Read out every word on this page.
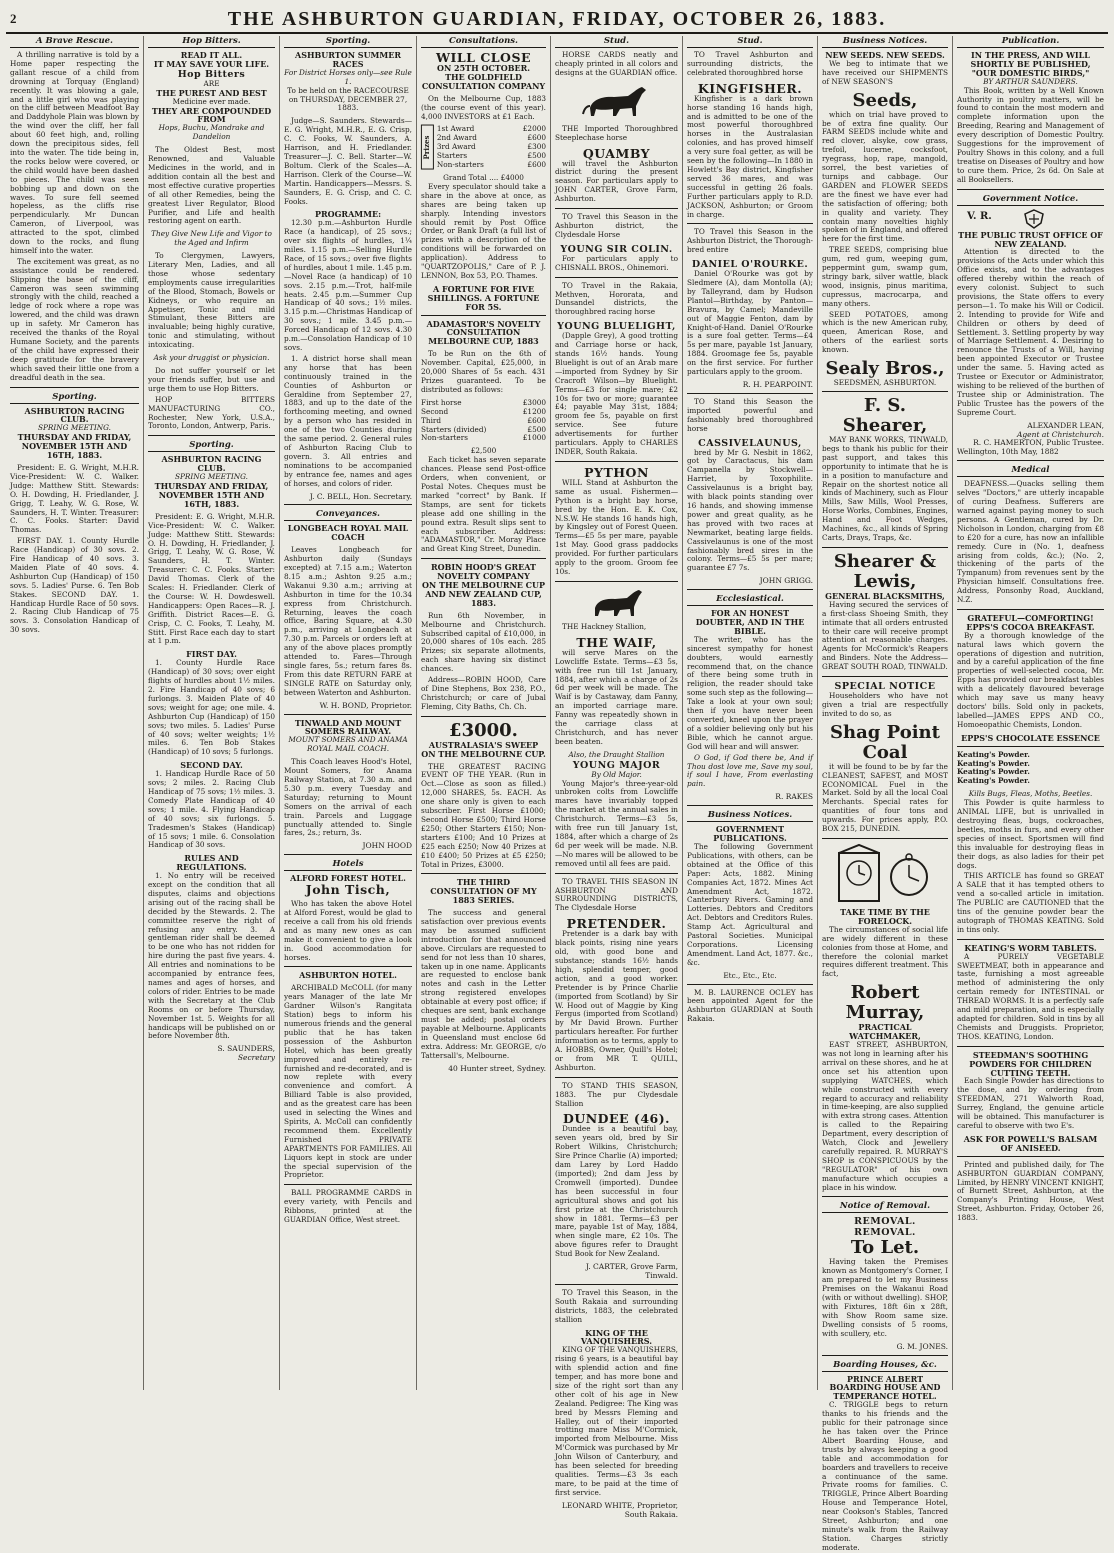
2	THE ASHBURTON GUARDIAN, FRIDAY, OCTOBER 26, 1883.
A Brave Rescue.

A thrilling narrative is told by a Home paper respecting the gallant rescue of a child from drowning at Torquay (England) recently. It was blowing a gale, and a little girl who was playing on the cliff between Meadfoot Bay and Daddyhole Plain was blown by the wind over the cliff, her fall about 60 feet high, and, rolling down the precipitous sides, fell into the water. The tide being in, the rocks below were covered, or the child would have been dashed to pieces. The child was seen bobbing up and down on the waves. To sure fell seemed hopeless, as the cliffs rise perpendicularly. Mr Duncan Cameron, of Liverpool, was attracted to the spot, climbed down to the rocks, and flung himself into the water.

The excitement was great, as no assistance could be rendered. Slipping the base of the cliff, Cameron was seen swimming strongly with the child, reached a ledge of rock where a rope was lowered, and the child was drawn up in safety. Mr Cameron has received the thanks of the Royal Humane Society, and the parents of the child have expressed their deep gratitude for the bravery which saved their little one from a dreadful death in the sea.

Sporting.
ASHBURTON RACING CLUB.
SPRING MEETING.
THURSDAY AND FRIDAY, NOVEMBER 15TH AND 16TH, 1883.

President: E. G. Wright, M.H.R. Vice-President: W. C. Walker. Judge: Matthew Stitt. Stewards: O. H. Dowding, H. Friedlander, J. Grigg, T. Leahy, W. G. Rose, W. Saunders, H. T. Winter. Treasurer: C. C. Fooks. Starter: David Thomas.

FIRST DAY. 1. County Hurdle Race (Handicap) of 30 sovs. 2. Fire Handicap of 40 sovs. 3. Maiden Plate of 40 sovs. 4. Ashburton Cup (Handicap) of 150 sovs. 5. Ladies' Purse. 6. Ten Bob Stakes. SECOND DAY. 1. Handicap Hurdle Race of 50 sovs. 2. Racing Club Handicap of 75 sovs. 3. Consolation Handicap of 30 sovs.

Hop Bitters.
READ IT ALL.
IT MAY SAVE YOUR LIFE.
Hop Bitters
ARE
THE PUREST AND BEST
Medicine ever made.
THEY ARE COMPOUNDED FROM
Hops, Buchu, Mandrake and Dandelion

The Oldest Best, most Renowned, and Valuable Medicines in the world, and in addition contain all the best and most effective curative properties of all other Remedies, being the greatest Liver Regulator, Blood Purifier, and Life and health restoring agent on earth.

They Give New Life and Vigor to the Aged and Infirm

To Clergymen, Lawyers, Literary Men, Ladies, and all those whose sedentary employments cause irregularities of the Blood, Stomach, Bowels or Kidneys, or who require an Appetiser, Tonic and mild Stimulant, these Bitters are invaluable; being highly curative, tonic and stimulating, without intoxicating.

Ask your druggist or physician.

Do not suffer yourself or let your friends suffer, but use and urge them to use Hop Bitters.

HOP BITTERS MANUFACTURING CO., Rochester, New York, U.S.A., Toronto, London, Antwerp, Paris.

Sporting.
ASHBURTON RACING CLUB.
SPRING MEETING.
THURSDAY AND FRIDAY, NOVEMBER 15TH AND 16TH, 1883.

President: E. G. Wright, M.H.R. Vice-President: W. C. Walker. Judge: Matthew Stitt. Stewards: O. H. Dowding, H. Friedlander, J. Grigg, T. Leahy, W. G. Rose, W. Saunders, H. T. Winter. Treasurer: C. C. Fooks. Starter: David Thomas. Clerk of the Scales: H. Friedlander. Clerk of the Course: W. H. Dowdeswell. Handicappers: Open Races—R. J. Griffith. District Races—E. G. Crisp, C. C. Fooks, T. Leahy, M. Stitt. First Race each day to start at 1 p.m.

FIRST DAY.

1. County Hurdle Race (Handicap) of 30 sovs; over eight flights of hurdles about 1½ miles. 2. Fire Handicap of 40 sovs; 6 furlongs. 3. Maiden Plate of 40 sovs; weight for age; one mile. 4. Ashburton Cup (Handicap) of 150 sovs; two miles. 5. Ladies' Purse of 40 sovs; welter weights; 1½ miles. 6. Ten Bob Stakes (Handicap) of 10 sovs; 5 furlongs.

SECOND DAY.

1. Handicap Hurdle Race of 50 sovs; 2 miles. 2. Racing Club Handicap of 75 sovs; 1½ miles. 3. Comedy Plate Handicap of 40 sovs; 1 mile. 4. Flying Handicap of 40 sovs; six furlongs. 5. Tradesmen's Stakes (Handicap) of 15 sovs; 1 mile. 6. Consolation Handicap of 30 sovs.

RULES AND REGULATIONS.

1. No entry will be received except on the condition that all disputes, claims and objections arising out of the racing shall be decided by the Stewards. 2. The committee reserve the right of refusing any entry. 3. A gentleman rider shall be deemed to be one who has not ridden for hire during the past five years. 4. All entries and nominations to be accompanied by entrance fees, names and ages of horses, and colors of rider. Entries to be made with the Secretary at the Club Rooms on or before Thursday, November 1st. 5. Weights for all handicaps will be published on or before November 8th.

S. SAUNDERS,
Secretary
Sporting.
ASHBURTON SUMMER RACES
For District Horses only—see Rule 1.
To be held on the RACECOURSE on THURSDAY, DECEMBER 27, 1883.

Judge—S. Saunders. Stewards—E. G. Wright, M.H.R., E. G. Crisp, C. C. Fooks, W. Saunders, A. Harrison, and H. Friedlander. Treasurer—J. C. Bell. Starter—W. Boltum. Clerk of the Scales—A. Harrison. Clerk of the Course—W. Martin. Handicappers—Messrs. S. Saunders, E. G. Crisp, and C. C. Fooks.

PROGRAMME:

12.30 p.m.—Ashburton Hurdle Race (a handicap), of 25 sovs.; over six flights of hurdles, 1¼ miles. 1.15 p.m.—Selling Hurdle Race, of 15 sovs.; over five flights of hurdles, about 1 mile. 1.45 p.m.—Novel Race (a handicap) of 10 sovs. 2.15 p.m.—Trot, half-mile heats. 2.45 p.m.—Summer Cup Handicap of 40 sovs.; 1½ miles. 3.15 p.m.—Christmas Handicap of 30 sovs.; 1 mile. 3.45 p.m.—Forced Handicap of 12 sovs. 4.30 p.m.—Consolation Handicap of 10 sovs.

1. A district horse shall mean any horse that has been continuously trained in the Counties of Ashburton or Geraldine from September 27, 1883, and up to the date of the forthcoming meeting, and owned by a person who has resided in one of the two Counties during the same period. 2. General rules of Ashburton Racing Club to govern. 3. All entries and nominations to be accompanied by entrance fee, names and ages of horses, and colors of rider.

J. C. BELL, Hon. Secretary.
Conveyances.
LONGBEACH ROYAL MAIL COACH

Leaves Longbeach for Ashburton daily (Sundays excepted) at 7.15 a.m.; Waterton 8.15 a.m.; Ashton 9.25 a.m.; Wakanui 9.30 a.m.; arriving at Ashburton in time for the 10.34 express from Christchurch. Returning, leaves the coach office, Baring Square, at 4.30 p.m., arriving at Longbeach at 7.30 p.m. Parcels or orders left at any of the above places promptly attended to. Fares—Through single fares, 5s.; return fares 8s. From this date RETURN FARE at SINGLE RATE on Saturday only, between Waterton and Ashburton.

W. H. BOND, Proprietor.
TINWALD AND MOUNT SOMERS RAILWAY.
MOUNT SOMERS AND ANAMA ROYAL MAIL COACH.

This Coach leaves Hood's Hotel, Mount Somers, for Anama Railway Station, at 7.30 a.m. and 5.30 p.m. every Tuesday and Saturday; returning to Mount Somers on the arrival of each train. Parcels and Luggage punctually attended to. Single fares, 2s.; return, 3s.

JOHN HOOD
Hotels
ALFORD FOREST HOTEL.
John Tisch,

Who has taken the above Hotel at Alford Forest, would be glad to receive a call from his old friends and as many new ones as can make it convenient to give a look in. Good accommodation for horses.

ASHBURTON HOTEL.

ARCHIBALD McCOLL (for many years Manager of the late Mr Gardner Wilson's Rangitata Station) begs to inform his numerous friends and the general public that he has taken possession of the Ashburton Hotel, which has been greatly improved and entirely re-furnished and re-decorated, and is now replete with every convenience and comfort. A Billiard Table is also provided, and as the greatest care has been used in selecting the Wines and Spirits, A. McColl can confidently recommend them. Excellently Furnished PRIVATE APARTMENTS FOR FAMILIES. All Liquors kept in stock are under the special supervision of the Proprietor.

BALL PROGRAMME CARDS in every variety, with Pencils and Ribbons, printed at the GUARDIAN Office, West street.

Consultations.
WILL CLOSE
ON 25TH OCTOBER.
THE GOLDFIELD CONSULTATION COMPANY

On the Melbourne Cup, 1883 (the course event of this year). 4,000 INVESTORS at £1 Each.

Prizes
1st Award	£2000
2nd Award	£600
3rd Award	£300
Starters	£500
Non-starters	£600
Grand Total .... £4000

Every speculator should take a share in the above at once, as shares are being taken up sharply. Intending investors should remit by Post Office Order, or Bank Draft (a full list of prizes with a description of the conditions will be forwarded on application). Address to "QUARTZOPOLIS," Care of P. J. LENNON, Box 53, P.O. Thames.

A FORTUNE FOR FIVE SHILLINGS. A FORTUNE FOR 5S.
ADAMASTOR'S NOVELTY CONSULTATION
MELBOURNE CUP, 1883

To be Run on the 6th of November. Capital, £25,000, in 20,000 Shares of 5s each. 431 Prizes guaranteed. To be distributed as follows:

First horse	£3000
Second	£1200
Third	£600
Starters (divided)	£500
Non-starters	£1000
£2,500

Each ticket has seven separate chances. Please send Post-office Orders, when convenient, or Postal Notes. Cheques must be marked "correct" by Bank. If Stamps, are sent for tickets please add one shilling in the pound extra. Result slips sent to each subscriber. Address: "ADAMASTOR," Cr. Moray Place and Great King Street, Dunedin.

ROBIN HOOD'S GREAT NOVELTY COMPANY
ON THE MELBOURNE CUP AND NEW ZEALAND CUP, 1883.

Run 6th November, in Melbourne and Christchurch. Subscribed capital of £10,000, in 20,000 shares of 10s each. 285 Prizes; six separate allotments, each share having six distinct chances.

Address—ROBIN HOOD, Care of Dine Stephens, Box 238, P.O., Christchurch; or care of Jubal Fleming, City Baths, Ch. Ch.

£3000.
AUSTRALASIA'S SWEEP
ON THE MELBOURNE CUP.

THE GREATEST RACING EVENT OF THE YEAR. (Run in Oct.—Close as soon as filled.) 12,000 SHARES, 5s. EACH. As one share only is given to each subscriber. First Horse £1000; Second Horse £500; Third Horse £250; Other Starters £150; Non-starters £100; And 10 Prizes at £25 each £250; Now 40 Prizes at £10 £400; 50 Prizes at £5 £250; Total in Prizes, £3000.

THE THIRD CONSULTATION OF MY 1883 SERIES.

The success and general satisfaction over previous events may be assumed sufficient introduction for that announced above. Circulars are requested to send for not less than 10 shares, taken up in one name. Applicants are requested to enclose bank notes and cash in the Letter strong registered envelopes obtainable at every post office; if cheques are sent, bank exchange must be added; postal orders payable at Melbourne. Applicants in Queensland must enclose 6d extra. Address: Mr. GEORGE, c/o Tattersall's, Melbourne.

40 Hunter street, Sydney.
Stud.

HORSE CARDS neatly and cheaply printed in all colors and designs at the GUARDIAN office.

THE Imported Thoroughbred Steeplechase horse

QUAMBY

will travel the Ashburton district during the present season. For particulars apply to JOHN CARTER, Grove Farm, Ashburton.

TO Travel this Season in the Ashburton district, the Clydesdale Horse

YOUNG SIR COLIN.

For particulars apply to CHISNALL BROS., Ohinemori.

TO Travel in the Rakaia, Methven, Hororata, and Dunsandel districts, the thoroughbred racing horse

YOUNG BLUELIGHT,

(Dapple Grey), A good trotting and Carriage horse or hack, stands 16½ hands. Young Bluelight is out of an Arab mare—imported from Sydney by Sir Cracroft Wilson—by Bluelight. Terms—£3 for single mare; £2 10s for two or more; guarantee £4; payable May 31st, 1884; groom fee 5s, payable on first service. See future advertisements for further particulars. Apply to CHARLES INDER, South Rakaia.

PYTHON

WILL Stand at Ashburton the same as usual. Fishermen—Python is a bright bay horse, bred by the Hon. E. K. Cox, N.S.W. He stands 16 hands high, by Kingsley out of Forest Queen. Terms—£5 5s per mare, payable 1st May. Good grass paddocks provided. For further particulars apply to the groom. Groom fee 10s.

THE Hackney Stallion,

THE WAIF,

will serve Mares on the Lowcliffe Estate. Terms—£3 5s, with free run till 1st January, 1884, after which a charge of 2s 6d per week will be made. The Waif is by Castaway, dam Fanny, an imported carriage mare. Fanny was repeatedly shown in the carriage class at Christchurch, and has never been beaten.

Also, the Draught Stallion
YOUNG MAJOR
By Old Major.

Young Major's three-year-old unbroken colts from Lowcliffe mares have invariably topped the market at the annual sales in Christchurch. Terms—£3 5s, with free run till January 1st, 1884, after which a charge of 2s 6d per week will be made. N.B.—No mares will be allowed to be removed until all fees are paid.

TO TRAVEL THIS SEASON IN ASHBURTON AND SURROUNDING DISTRICTS, The Clydesdale Horse

PRETENDER.

Pretender is a dark bay with black points, rising nine years old, with good bone and substance; stands 16½ hands high, splendid temper, good action, and a good worker. Pretender is by Prince Charlie (imported from Scotland) by Sir W. Hood out of Maggie by King Fergus (imported from Scotland) by Mr David Brown. Further particulars hereafter. For further information as to terms, apply to A. HOBBS, Owner, Quill's Hotel; or from MR T. QUILL, Ashburton.

TO STAND THIS SEASON, 1883. The pur Clydesdale Stallion

DUNDEE (46).

Dundee is a beautiful bay, seven years old, bred by Sir Robert Wilkins, Christchurch; Sire Prince Charlie (A) imported; dam Larey by Lord Haddo (imported); 2nd dam Jess by Cromwell (imported). Dundee has been successful in four agricultural shows and got his first prize at the Christchurch show in 1881. Terms—£3 per mare, payable 1st of May, 1884, when single mare, £2 10s. The above figures refer to Draught Stud Book for New Zealand.

J. CARTER, Grove Farm, Tinwald.

TO Travel this Season, in the South Rakaia and surrounding districts, 1883, the celebrated stallion

KING OF THE VANQUISHERS.

KING OF THE VANQUISHERS, rising 6 years, is a beautiful bay with splendid action and fine temper, and has more bone and size of the right sort than any other colt of his age in New Zealand. Pedigree: The King was bred by Messrs Fleming and Halley, out of their imported trotting mare Miss M'Cormick, imported from Melbourne. Miss M'Cormick was purchased by Mr John Wilson of Canterbury, and has been selected for breeding qualities. Terms—£3 3s each mare, to be paid at the time of first service.

LEONARD WHITE, Proprietor, South Rakaia.
Stud.

TO Travel Ashburton and surrounding districts, the celebrated thoroughbred horse

KINGFISHER.

Kingfisher is a dark brown horse standing 16 hands high, and is admitted to be one of the most powerful thoroughbred horses in the Australasian colonies, and has proved himself a very sure foal getter, as will be seen by the following—In 1880 in Howlett's Bay district, Kingfisher served 36 mares, and was successful in getting 26 foals. Further particulars apply to R.D. JACKSON, Ashburton; or Groom in charge.

TO Travel this Season in the Ashburton District, the Thorough-bred entire

DANIEL O'ROURKE.

Daniel O'Rourke was got by Sledmere (A), dam Montolla (A); by Talleyrand, dam by Hudson Plantol—Birthday, by Panton—Bravura, by Camel; Mandeville out of Maggie Fenton, dam by Knight-of-Hand. Daniel O'Rourke is a sure foal getter. Terms—£4 5s per mare, payable 1st January, 1884. Groomage fee 5s, payable on the first service. For further particulars apply to the groom.

R. H. PEARPOINT.

TO Stand this Season the imported powerful and fashionably bred thoroughbred horse

CASSIVELAUNUS,

bred by Mr G. Nesbit in 1862, got by Caractacus, his dam Campanella by Stockwell—Harriet, by Toxophilite. Cassivelaunus is a bright bay, with black points standing over 16 hands, and showing immense power and great quality, as he has proved with two races at Newmarket, beating large fields. Cassivelaunus is one of the most fashionably bred sires in the colony. Terms—£5 5s per mare; guarantee £7 7s.

JOHN GRIGG.
Ecclesiastical.
FOR AN HONEST DOUBTER, AND IN THE BIBLE.

The writer, who has the sincerest sympathy for honest doubters, would earnestly recommend that, on the chance of there being some truth in religion, the reader should take some such step as the following—Take a look at your own soul; then if you have never been converted, kneel upon the prayer of a soldier believing only but his Bible, which he cannot argue. God will hear and will answer.

O God, if God there be, And if Thou dost love me, Save my soul, if soul I have, From everlasting pain.

R. RAKES
Business Notices.
GOVERNMENT PUBLICATIONS.

The following Government Publications, with others, can be obtained at the Office of this Paper: Acts, 1882. Mining Companies Act, 1872. Mines Act Amendment Act, 1872. Canterbury Rivers. Gaming and Lotteries. Debtors and Creditors Act. Debtors and Creditors Rules. Stamp Act. Agricultural and Pastoral Societies. Municipal Corporations. Licensing Amendment. Land Act, 1877. &c., &c.

Etc., Etc., Etc.

M. B. LAURENCE OCLEY has been appointed Agent for the Ashburton GUARDIAN at South Rakaia.

Business Notices.
NEW SEEDS. NEW SEEDS.

We beg to intimate that we have received our SHIPMENTS of NEW SEASON'S

Seeds,

which on trial have proved to be of extra fine quality. Our FARM SEEDS include white and red clover, alsyke, cow grass, trefoil, lucerne, cocksfoot, ryegrass, hop, rape, mangold, sorrel, the best varieties of turnips and cabbage. Our GARDEN and FLOWER SEEDS are the finest we have ever had the satisfaction of offering; both in quality and variety. They contain many novelties highly spoken of in England, and offered here for the first time.

TREE SEEDS, comprising blue gum, red gum, weeping gum, peppermint gum, swamp gum, stringy bark, silver wattle, black wood, insignis, pinus maritima, cupressus, macrocarpa, and many others.

SEED POTATOES, among which is the new American ruby, queen, American Rose, and others of the earliest sorts known.

Sealy Bros.,
SEEDSMEN, ASHBURTON.
F. S. Shearer,

MAY BANK WORKS, TINWALD, begs to thank his public for their past support, and takes this opportunity to intimate that he is in a position to manufacture and Repair on the shortest notice all kinds of Machinery, such as Flour Mills, Saw Mills, Wool Presses, Horse Works, Combines, Engines, Hand and Foot Wedges, Machines, &c., all kinds of Spring Carts, Drays, Traps, &c.

Shearer & Lewis,
GENERAL BLACKSMITHS,

Having secured the services of a first-class Shoeing Smith, they intimate that all orders entrusted to their care will receive prompt attention at reasonable charges. Agents for McCormick's Reapers and Binders. Note the Address—GREAT SOUTH ROAD, TINWALD.

SPECIAL NOTICE

Householders who have not given a trial are respectfully invited to do so, as

Shag Point Coal

it will be found to be by far the CLEANEST, SAFEST, and MOST ECONOMICAL Fuel in the Market. Sold by all the local Coal Merchants. Special rates for quantities of four tons and upwards. For prices apply, P.O. BOX 215, DUNEDIN.

TAKE TIME BY THE FORELOCK.

The circumstances of social life are widely different in these colonies from those at Home, and therefore the colonial market requires different treatment. This fact,

Robert Murray,
PRACTICAL WATCHMAKER,

EAST STREET, ASHBURTON, was not long in learning after his arrival on these shores, and he at once set his attention upon supplying WATCHES, which while constructed with every regard to accuracy and reliability in time-keeping, are also supplied with extra strong cases. Attention is called to the Repairing Department, every description of Watch, Clock and Jewellery carefully repaired. R. MURRAY'S SHOP is CONSPICUOUS by the "REGULATOR" of his own manufacture which occupies a place in his window.

Notice of Removal.
REMOVAL. REMOVAL.
To Let.

Having taken the Premises known as Montgomery's Corner, I am prepared to let my Business Premises on the Wakanui Road (with or without dwelling). SHOP, with Fixtures, 18ft 6in x 28ft, with Show Room same size. Dwelling consists of 5 rooms, with scullery, etc.

G. M. JONES.
Boarding Houses, &c.
PRINCE ALBERT BOARDING HOUSE AND TEMPERANCE HOTEL.

C. TRIGGLE begs to return thanks to his friends and the public for their patronage since he has taken over the Prince Albert Boarding House, and trusts by always keeping a good table and accommodation for boarders and travellers to receive a continuance of the same. Private rooms for families. C. TRIGGLE, Prince Albert Boarding House and Temperance Hotel, near Cookson's Stables, Tancred Street, Ashburton; and one minute's walk from the Railway Station. Charges strictly moderate.

Publication.
IN THE PRESS, AND WILL SHORTLY BE PUBLISHED, "OUR DOMESTIC BIRDS,"
BY ARTHUR SAUNDERS.

This Book, written by a Well Known Authority in poultry matters, will be found to contain the most modern and complete information upon the Breeding, Rearing and Management of every description of Domestic Poultry. Suggestions for the improvement of Poultry Shows in this colony, and a full treatise on Diseases of Poultry and how to cure them. Price, 2s 6d. On Sale at all Booksellers.

Government Notice.
V. R.
THE PUBLIC TRUST OFFICE OF NEW ZEALAND.

Attention is directed to the provisions of the Acts under which this Office exists, and to the advantages offered thereby within the reach of every colonist. Subject to such provisions, the State offers to every person—1. To make his Will or Codicil. 2. Intending to provide for Wife and Children or others by deed of Settlement. 3. Settling property by way of Marriage Settlement. 4. Desiring to renounce the Trusts of a Will, having been appointed Executor or Trustee under the same. 5. Having acted as Trustee or Executor or Administrator, wishing to be relieved of the burthen of Trustee ship or Administration. The Public Trustee has the powers of the Supreme Court.

ALEXANDER LEAN,
Agent at Christchurch.
R. C. HAMERTON, Public Trustee.
Wellington, 10th May, 1882
Medical

DEAFNESS.—Quacks selling them selves "Doctors," are utterly incapable of curing Deafness. Sufferers are warned against paying money to such persons. A Gentleman, cured by Dr. Nicholson in London, charging from £8 to £20 for a cure, has now an infallible remedy. Cure in (No. 1, deafness arising from colds, &c.); (No. 2, thickening of the parts of the Tympanum) from revenues sent by the Physician himself. Consultations free. Address, Ponsonby Road, Auckland, N.Z.

GRATEFUL—COMFORTING! EPPS'S COCOA BREAKFAST.

By a thorough knowledge of the natural laws which govern the operations of digestion and nutrition, and by a careful application of the fine properties of well-selected cocoa, Mr. Epps has provided our breakfast tables with a delicately flavoured beverage which may save us many heavy doctors' bills. Sold only in packets, labelled—JAMES EPPS AND CO., Homoeopathic Chemists, London.

EPPS'S CHOCOLATE ESSENCE
Keating's Powder.
Keating's Powder.
Keating's Powder.
Keating's Powder.
Kills Bugs, Fleas, Moths, Beetles.

This Powder is quite harmless to ANIMAL LIFE, but is unrivalled in destroying fleas, bugs, cockroaches, beetles, moths in furs, and every other species of insect. Sportsmen will find this invaluable for destroying fleas in their dogs, as also ladies for their pet dogs.

THIS ARTICLE has found so GREAT A SALE that it has tempted others to vend a so-called article in imitation. The PUBLIC are CAUTIONED that the tins of the genuine powder bear the autograph of THOMAS KEATING. Sold in tins only.

KEATING'S WORM TABLETS.

A PURELY VEGETABLE SWEETMEAT, both in appearance and taste, furnishing a most agreeable method of administering the only certain remedy for INTESTINAL or THREAD WORMS. It is a perfectly safe and mild preparation, and is especially adapted for children. Sold in tins by all Chemists and Druggists. Proprietor, THOS. KEATING, London.

STEEDMAN'S SOOTHING POWDERS FOR CHILDREN CUTTING TEETH.

Each Single Powder has directions to the dose, and by ordering from STEEDMAN, 271 Walworth Road, Surrey, England, the genuine article will be obtained. This manufacturer is careful to observe with two E's.

ASK FOR POWELL'S BALSAM OF ANISEED.

Printed and published daily, for The ASHBURTON GUARDIAN COMPANY, Limited, by HENRY VINCENT KNIGHT, of Burnett Street, Ashburton, at the Company's Printing House, West Street, Ashburton. Friday, October 26, 1883.
